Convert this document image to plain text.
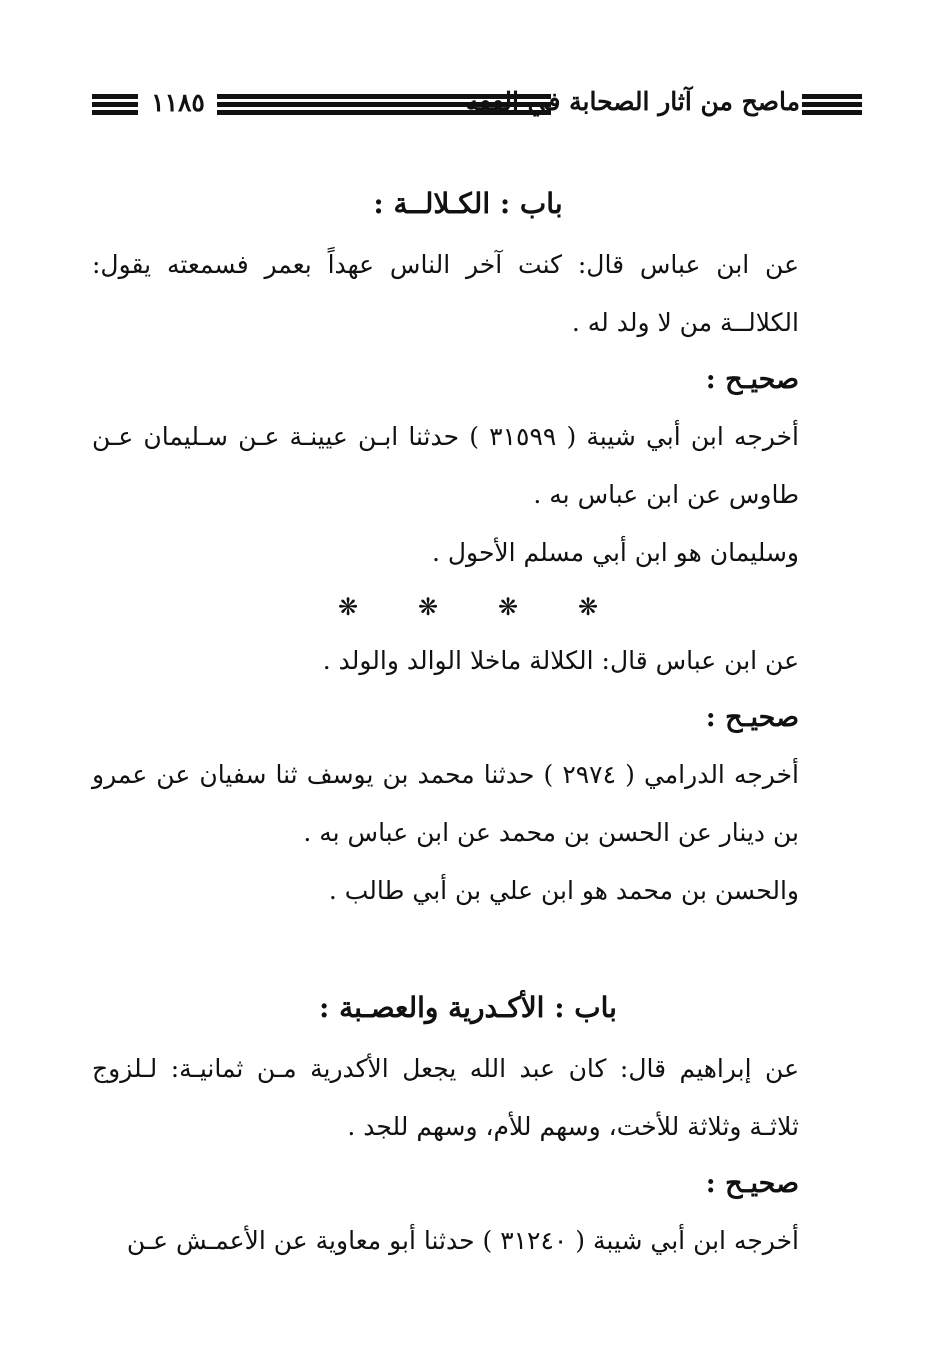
١١٨٥	ماصح من آثار الصحابة في الفقه
باب : الكـلالــة :

عن ابن عباس قال: كنت آخر الناس عهداً بعمر فسمعته يقول: الكلالــة من لا ولد له .

صحيـح :

أخرجه ابن أبي شيبة ( ٣١٥٩٩ ) حدثنا ابـن عيينـة عـن سـليمان عـن طاوس عن ابن عباس به .

وسليمان هو ابن أبي مسلم الأحول .

❋
❋
❋
❋

عن ابن عباس قال: الكلالة ماخلا الوالد والولد .

صحيـح :

أخرجه الدرامي ( ٢٩٧٤ ) حدثنا محمد بن يوسف ثنا سفيان عن عمرو بن دينار عن الحسن بن محمد عن ابن عباس به .

والحسن بن محمد هو ابن علي بن أبي طالب .

باب : الأكـدرية والعصـبة :

عن إبراهيم قال: كان عبد الله يجعل الأكدرية مـن ثمانيـة: لـلزوج ثلاثـة وثلاثة للأخت، وسهم للأم، وسهم للجد .

صحيـح :

أخرجه ابن أبي شيبة ( ٣١٢٤٠ ) حدثنا أبو معاوية عن الأعمـش عـن
